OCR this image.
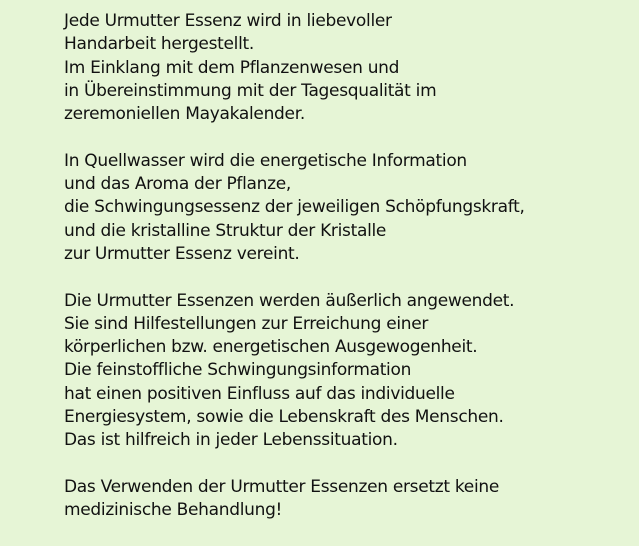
Jede Urmutter Essenz wird in liebevoller
Handarbeit hergestellt.
Im Einklang mit dem Pflanzenwesen und
in Übereinstimmung mit der Tagesqualität im
zeremoniellen Mayakalender.

In Quellwasser wird die energetische Information
und das Aroma der Pflanze,
die Schwingungsessenz der jeweiligen Schöpfungskraft,
und die kristalline Struktur der Kristalle
zur Urmutter Essenz vereint.

Die Urmutter Essenzen werden äußerlich angewendet.
Sie sind Hilfestellungen zur Erreichung einer
körperlichen bzw. energetischen Ausgewogenheit.
Die feinstoffliche Schwingungsinformation
hat einen positiven Einfluss auf das individuelle
Energiesystem, sowie die Lebenskraft des Menschen.
Das ist hilfreich in jeder Lebenssituation.

Das Verwenden der Urmutter Essenzen ersetzt keine
medizinische Behandlung!
